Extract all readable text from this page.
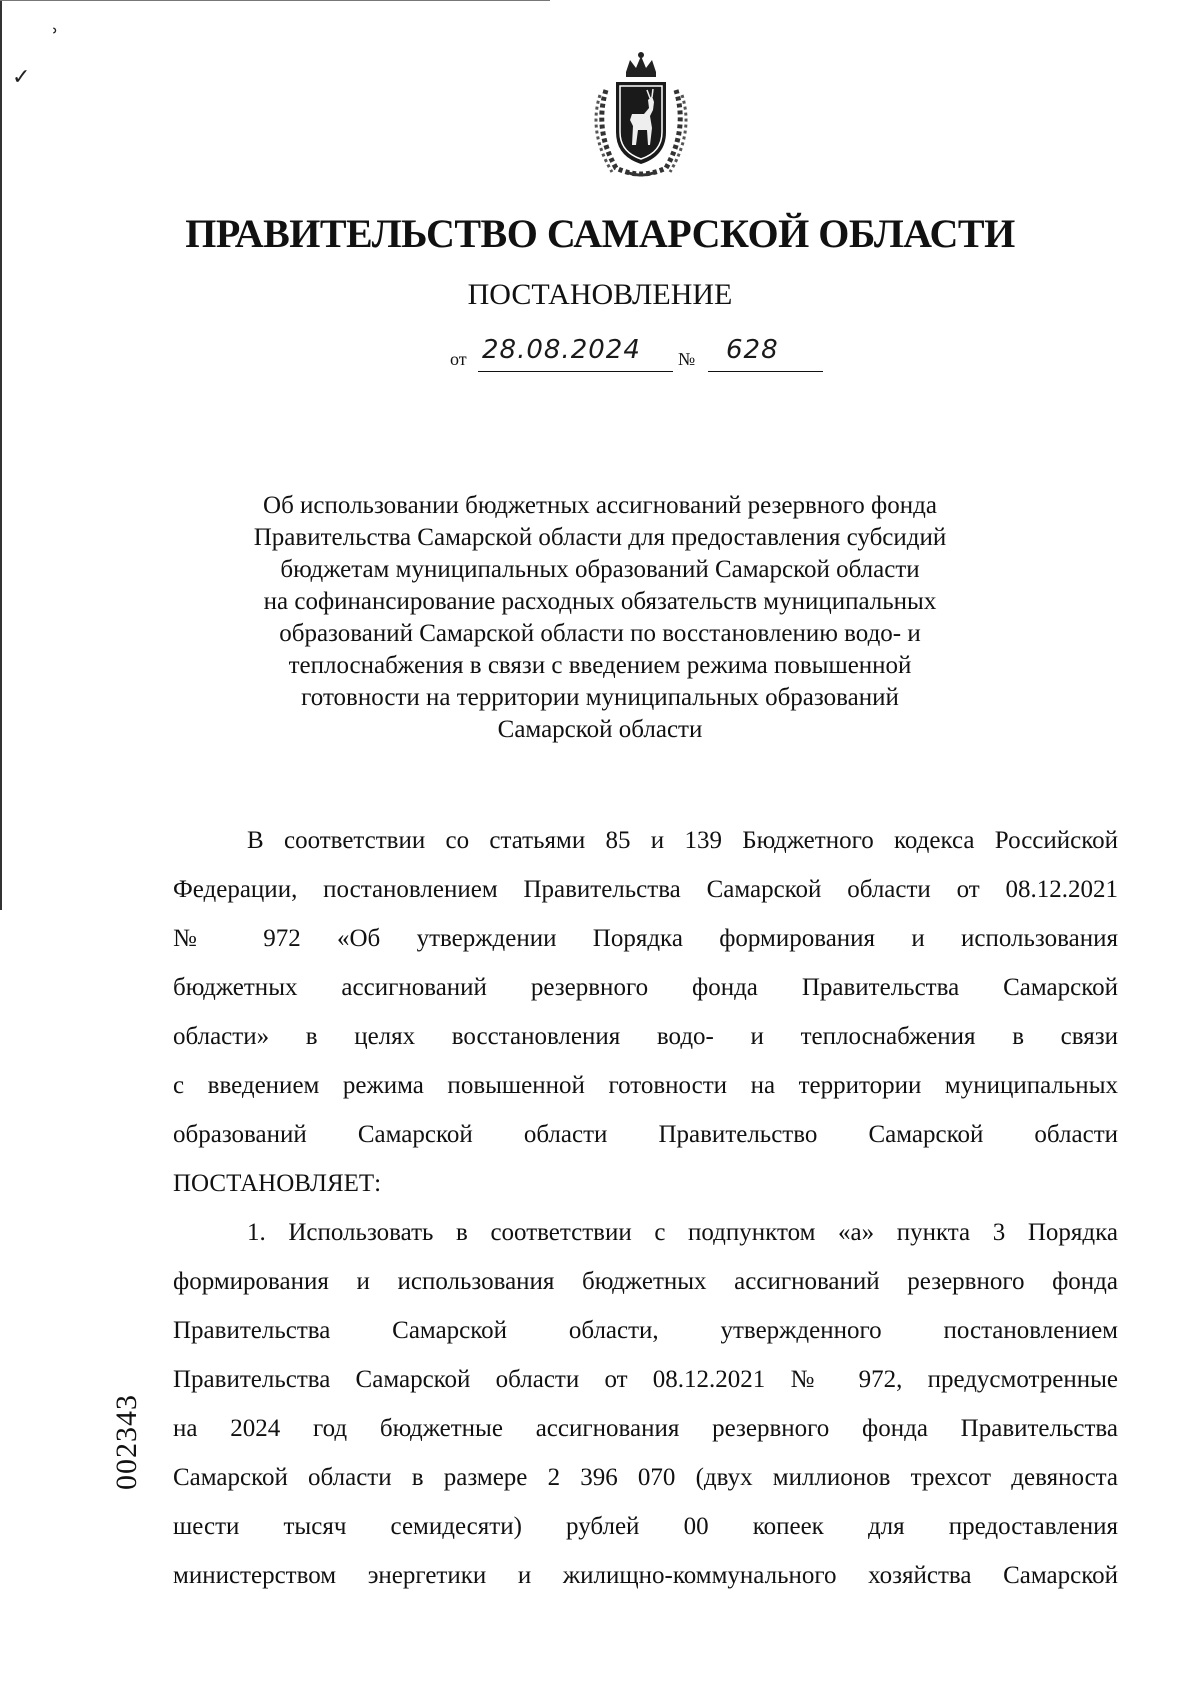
˒
✓
ПРАВИТЕЛЬСТВО САМАРСКОЙ ОБЛАСТИ
ПОСТАНОВЛЕНИЕ
от 28.08.2024 № 628
Об использовании бюджетных ассигнований резервного фонда
Правительства Самарской области для предоставления субсидий
бюджетам муниципальных образований Самарской области
на софинансирование расходных обязательств муниципальных
образований Самарской области по восстановлению водо- и
теплоснабжения в связи с введением режима повышенной
готовности на территории муниципальных образований
Самарской области
В соответствии со статьями 85 и 139 Бюджетного кодекса Российской
Федерации, постановлением Правительства Самарской области от 08.12.2021
№ 972 «Об утверждении Порядка формирования и использования
бюджетных ассигнований резервного фонда Правительства Самарской
области» в целях восстановления водо- и теплоснабжения в связи
с введением режима повышенной готовности на территории муниципальных
образований Самарской области Правительство Самарской области
ПОСТАНОВЛЯЕТ:
1. Использовать в соответствии с подпунктом «а» пункта 3 Порядка
формирования и использования бюджетных ассигнований резервного фонда
Правительства Самарской области, утвержденного постановлением
Правительства Самарской области от 08.12.2021 № 972, предусмотренные
на 2024 год бюджетные ассигнования резервного фонда Правительства
Самарской области в размере 2 396 070 (двух миллионов трехсот девяноста
шести тысяч семидесяти) рублей 00 копеек для предоставления
министерством энергетики и жилищно-коммунального хозяйства Самарской
002343
